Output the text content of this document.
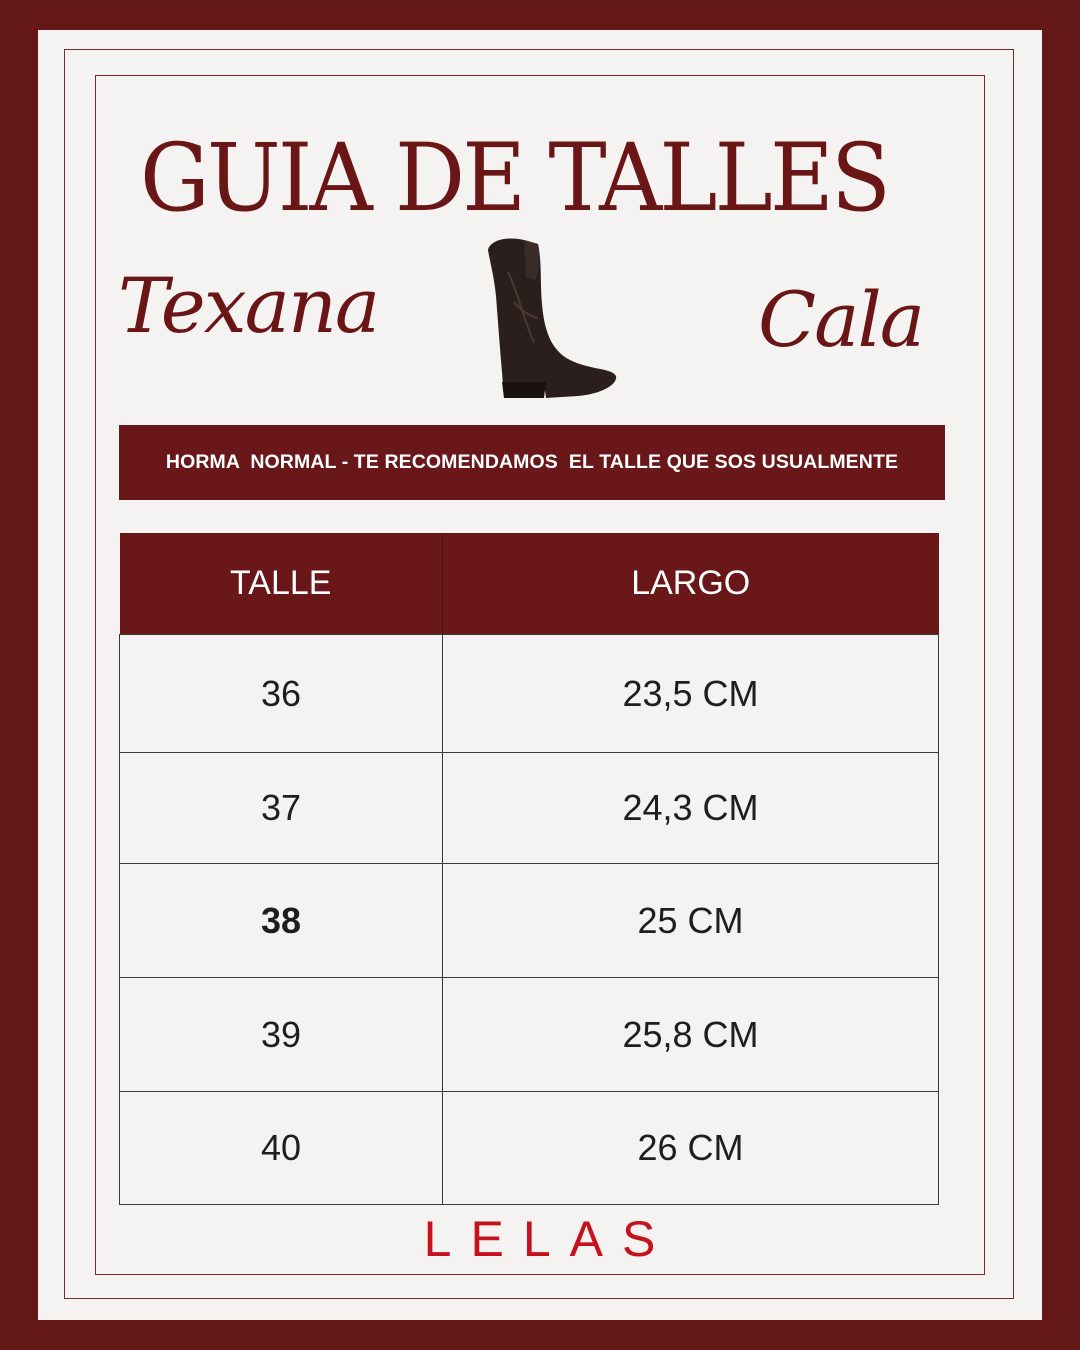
GUIA DE TALLES
Texana	Cala
HORMA  NORMAL - TE RECOMENDAMOS  EL TALLE QUE SOS USUALMENTE
TALLE	LARGO
36	23,5 CM
37	24,3 CM
38	25 CM
39	25,8 CM
40	26 CM
LELAS
